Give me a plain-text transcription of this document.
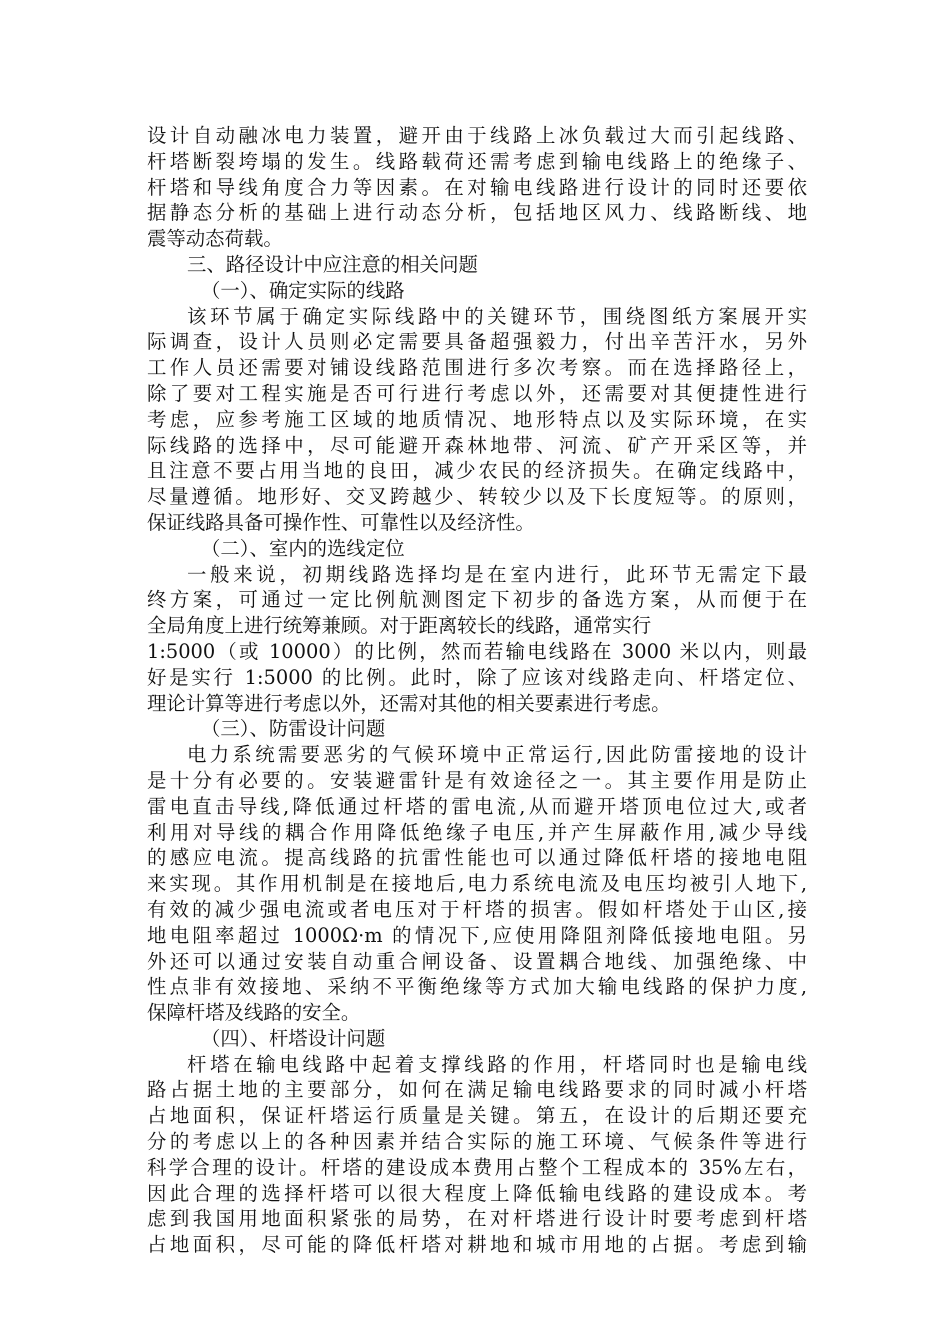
设计自动融冰电力装置，避开由于线路上冰负载过大而引起线路、
杆塔断裂垮塌的发生。线路载荷还需考虑到输电线路上的绝缘子、
杆塔和导线角度合力等因素。在对输电线路进行设计的同时还要依
据静态分析的基础上进行动态分析，包括地区风力、线路断线、地
震等动态荷载。
三、路径设计中应注意的相关问题
（一）、确定实际的线路
该环节属于确定实际线路中的关键环节，围绕图纸方案展开实
际调查，设计人员则必定需要具备超强毅力，付出辛苦汗水，另外
工作人员还需要对铺设线路范围进行多次考察。而在选择路径上，
除了要对工程实施是否可行进行考虑以外，还需要对其便捷性进行
考虑，应参考施工区域的地质情况、地形特点以及实际环境，在实
际线路的选择中，尽可能避开森林地带、河流、矿产开采区等，并
且注意不要占用当地的良田，减少农民的经济损失。在确定线路中，
尽量遵循。地形好、交叉跨越少、转较少以及下长度短等。的原则，
保证线路具备可操作性、可靠性以及经济性。
（二）、室内的选线定位
一般来说，初期线路选择均是在室内进行，此环节无需定下最
终方案，可通过一定比例航测图定下初步的备选方案，从而便于在
全局角度上进行统筹兼顾。对于距离较长的线路，通常实行
1:5000（或 10000）的比例，然而若输电线路在 3000 米以内，则最
好是实行 1:5000 的比例。此时，除了应该对线路走向、杆塔定位、
理论计算等进行考虑以外，还需对其他的相关要素进行考虑。
（三）、防雷设计问题
电力系统需要恶劣的气候环境中正常运行,因此防雷接地的设计
是十分有必要的。安装避雷针是有效途径之一。其主要作用是防止
雷电直击导线,降低通过杆塔的雷电流,从而避开塔顶电位过大,或者
利用对导线的耦合作用降低绝缘子电压,并产生屏蔽作用,减少导线
的感应电流。提高线路的抗雷性能也可以通过降低杆塔的接地电阻
来实现。其作用机制是在接地后,电力系统电流及电压均被引人地下,
有效的减少强电流或者电压对于杆塔的损害。假如杆塔处于山区,接
地电阻率超过 1000Ω·m 的情况下,应使用降阻剂降低接地电阻。另
外还可以通过安装自动重合闸设备、设置耦合地线、加强绝缘、中
性点非有效接地、采纳不平衡绝缘等方式加大输电线路的保护力度,
保障杆塔及线路的安全。
（四）、杆塔设计问题
杆塔在输电线路中起着支撑线路的作用，杆塔同时也是输电线
路占据土地的主要部分，如何在满足输电线路要求的同时减小杆塔
占地面积，保证杆塔运行质量是关键。第五，在设计的后期还要充
分的考虑以上的各种因素并结合实际的施工环境、气候条件等进行
科学合理的设计。杆塔的建设成本费用占整个工程成本的 35%左右，
因此合理的选择杆塔可以很大程度上降低输电线路的建设成本。考
虑到我国用地面积紧张的局势，在对杆塔进行设计时要考虑到杆塔
占地面积，尽可能的降低杆塔对耕地和城市用地的占据。考虑到输
